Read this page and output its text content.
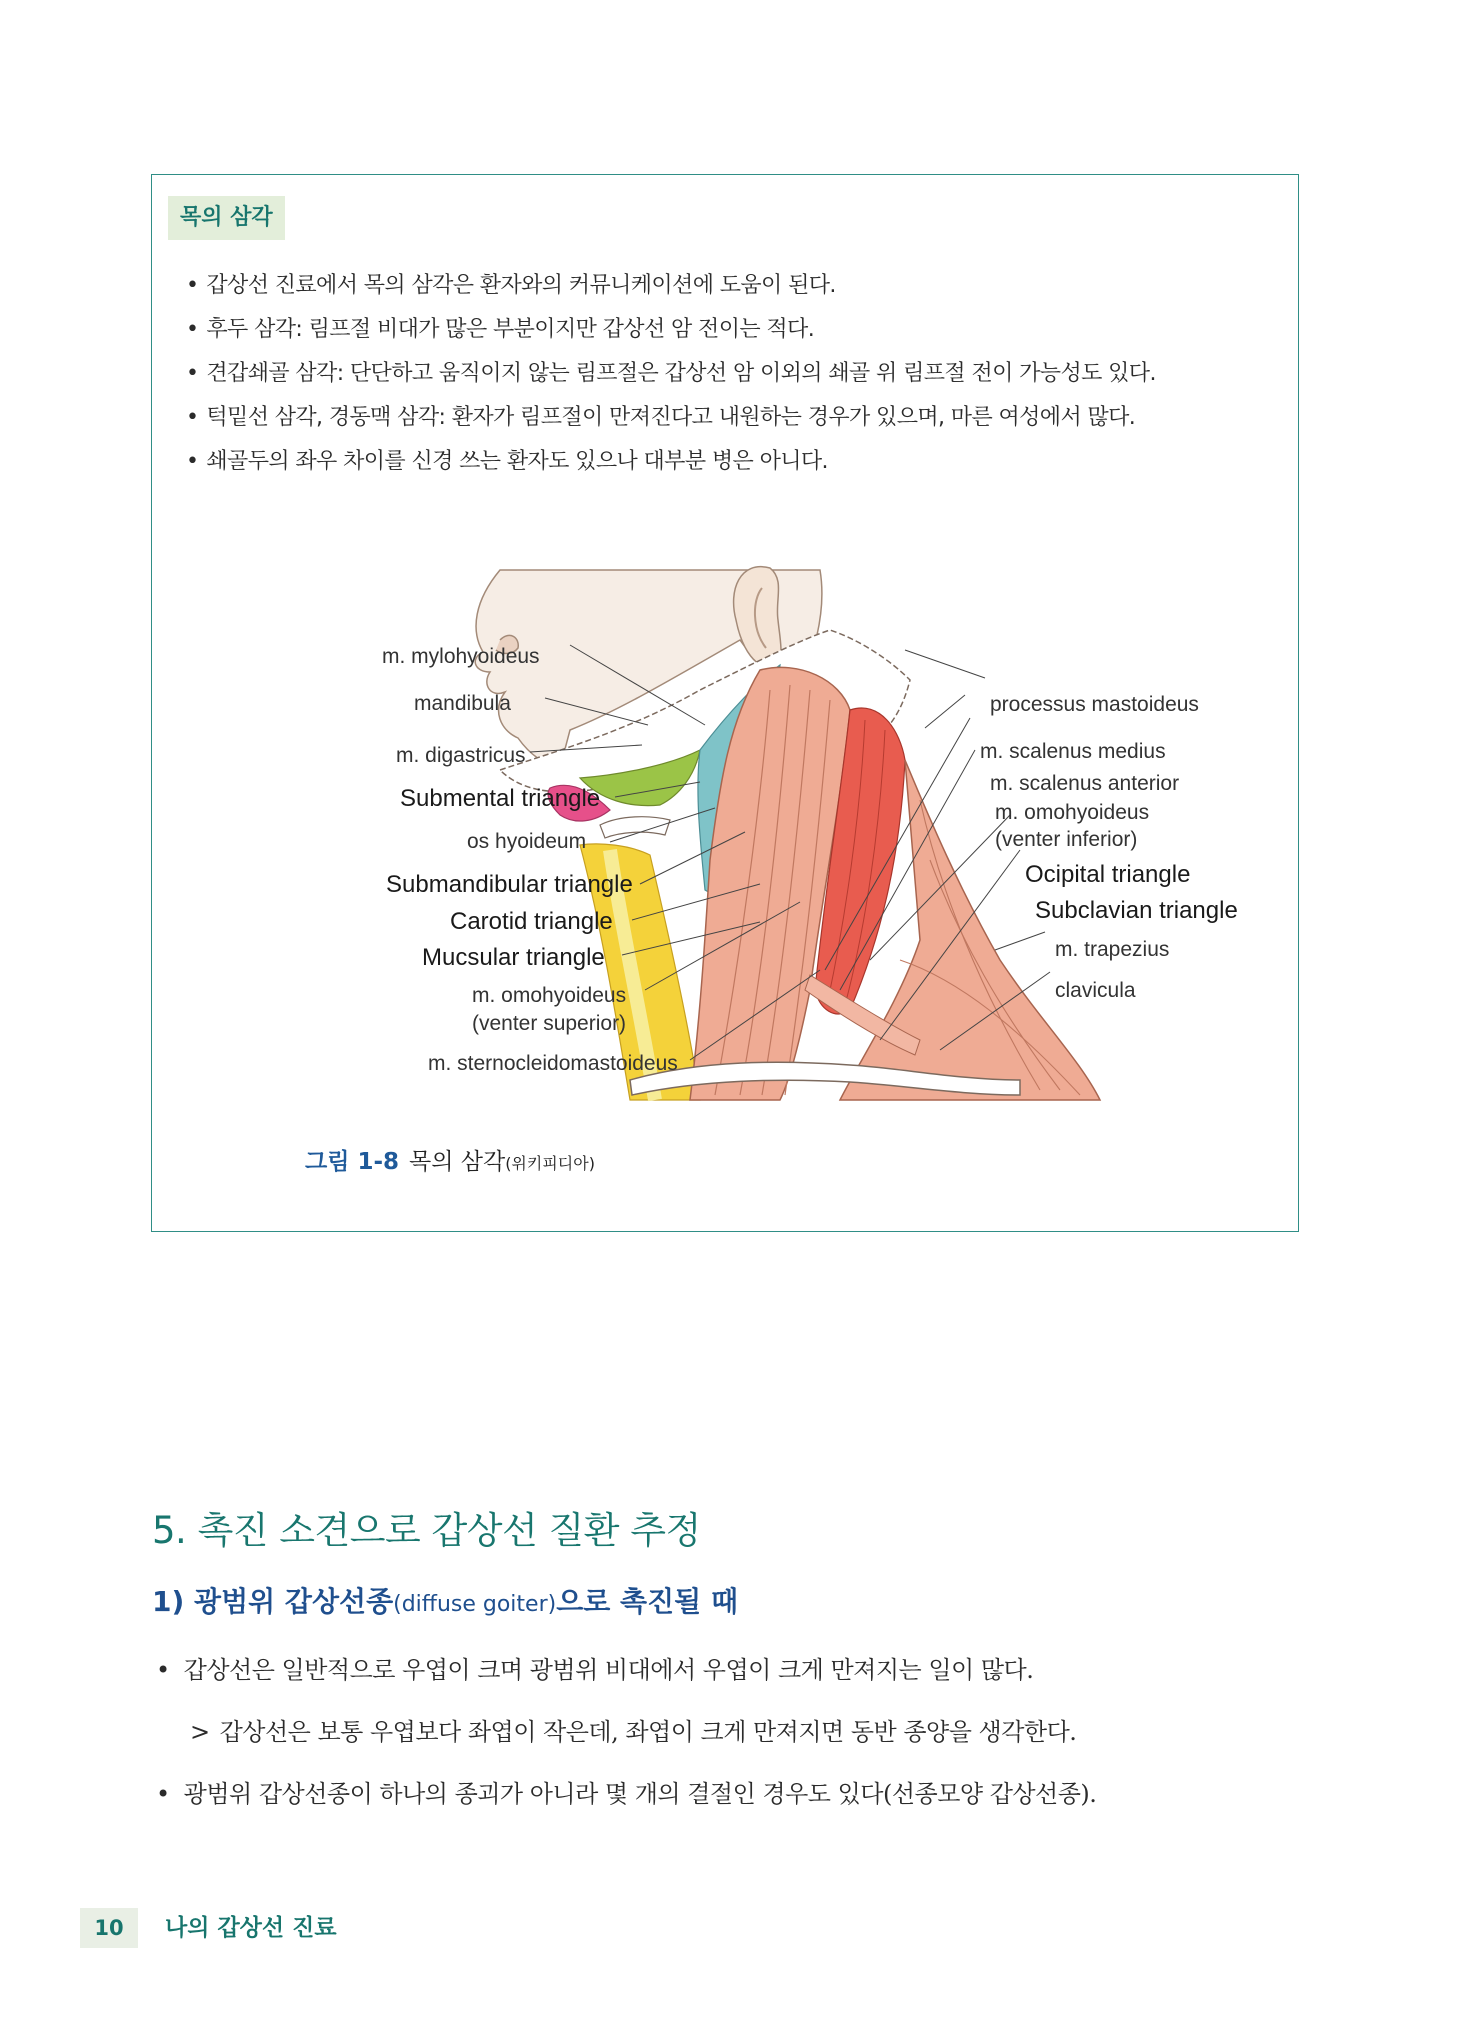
목의 삼각
• 갑상선 진료에서 목의 삼각은 환자와의 커뮤니케이션에 도움이 된다.
• 후두 삼각: 림프절 비대가 많은 부분이지만 갑상선 암 전이는 적다.
• 견갑쇄골 삼각: 단단하고 움직이지 않는 림프절은 갑상선 암 이외의 쇄골 위 림프절 전이 가능성도 있다.
• 턱밑선 삼각, 경동맥 삼각: 환자가 림프절이 만져진다고 내원하는 경우가 있으며, 마른 여성에서 많다.
• 쇄골두의 좌우 차이를 신경 쓰는 환자도 있으나 대부분 병은 아니다.
m. mylohyoideus
mandibula
m. digastricus
Submental triangle
os hyoideum
Submandibular triangle
Carotid triangle
Mucsular triangle
m. omohyoideus
(venter superior)
m. sternocleidomastoideus
processus mastoideus
m. scalenus medius
m. scalenus anterior
m. omohyoideus
(venter inferior)
Ocipital triangle
Subclavian triangle
m. trapezius
clavicula
그림 1-8 목의 삼각(위키피디아)
5. 촉진 소견으로 갑상선 질환 추정
1) 광범위 갑상선종(diffuse goiter)으로 촉진될 때
• 갑상선은 일반적으로 우엽이 크며 광범위 비대에서 우엽이 크게 만져지는 일이 많다.
> 갑상선은 보통 우엽보다 좌엽이 작은데, 좌엽이 크게 만져지면 동반 종양을 생각한다.
• 광범위 갑상선종이 하나의 종괴가 아니라 몇 개의 결절인 경우도 있다(선종모양 갑상선종).
10	나의 갑상선 진료
